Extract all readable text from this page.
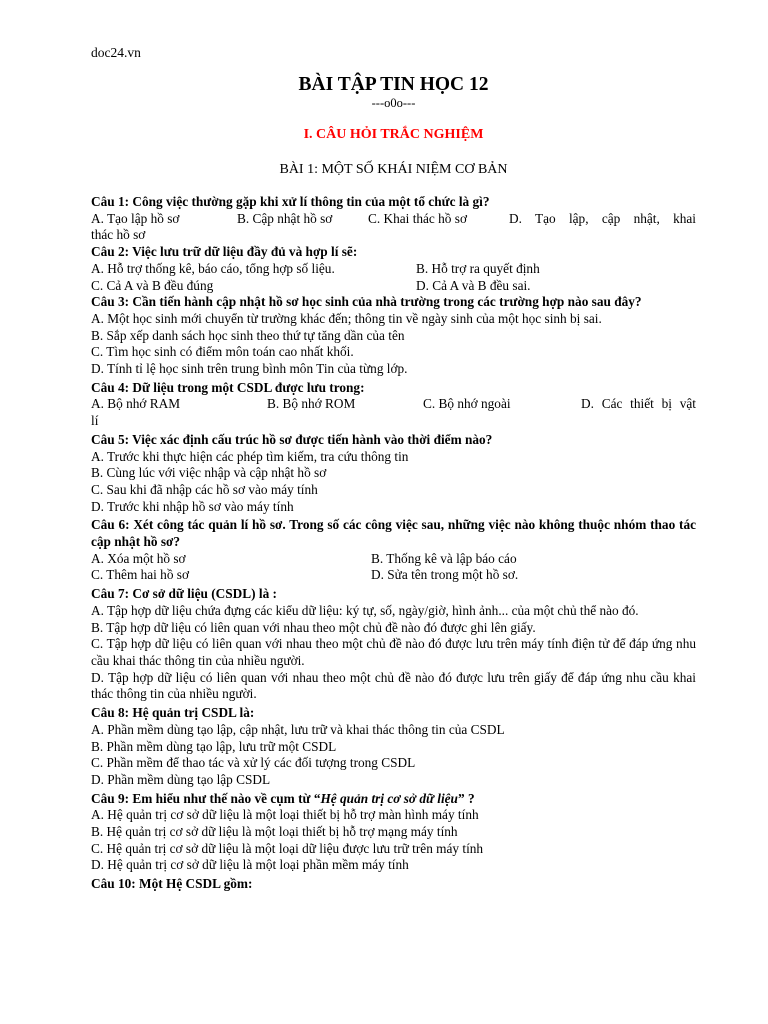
doc24.vn
BÀI TẬP TIN HỌC 12
---o0o---
I. CÂU HỎI TRẮC NGHIỆM
BÀI 1: MỘT SỐ KHÁI NIỆM CƠ BẢN
Câu 1: Công việc thường gặp khi xử lí thông tin của một tổ chức là gì?
A. Tạo lập hồ sơ	B. Cập nhật hồ sơ	C. Khai thác hồ sơ	D. Tạo lập, cập nhật, khai
thác hồ sơ
Câu 2: Việc lưu trữ dữ liệu đầy đủ và hợp lí sẽ:
A. Hỗ trợ thống kê, báo cáo, tổng hợp số liệu.	B. Hỗ trợ ra quyết định
C. Cả A và B đều đúng	D. Cả A và B đều sai.
Câu 3: Cần tiến hành cập nhật hồ sơ học sinh của nhà trường trong các trường hợp nào sau đây?
A. Một học sinh mới chuyển từ trường khác đến; thông tin về ngày sinh của một học sinh bị sai.
B. Sắp xếp danh sách học sinh theo thứ tự tăng dần của tên
C. Tìm học sinh có điểm môn toán cao nhất khối.
D. Tính tỉ lệ học sinh trên trung bình môn Tin của từng lớp.
Câu 4: Dữ liệu trong một CSDL được lưu trong:
A. Bộ nhớ RAM	B. Bộ nhớ ROM	C. Bộ nhớ ngoài	D. Các thiết bị vật
lí
Câu 5: Việc xác định cấu trúc hồ sơ được tiến hành vào thời điểm nào?
A. Trước khi thực hiện các phép tìm kiếm, tra cứu thông tin
B. Cùng lúc với việc nhập và cập nhật hồ sơ
C. Sau khi đã nhập các hồ sơ vào máy tính
D. Trước khi nhập hồ sơ vào máy tính
Câu 6: Xét công tác quản lí hồ sơ. Trong số các công việc sau, những việc nào không thuộc nhóm thao tác cập nhật hồ sơ?
A. Xóa một hồ sơ	B. Thống kê và lập báo cáo
C. Thêm hai hồ sơ	D. Sửa tên trong một hồ sơ.
Câu 7: Cơ sở dữ liệu (CSDL) là :
A. Tập hợp dữ liệu chứa đựng các kiểu dữ liệu: ký tự, số, ngày/giờ, hình ảnh... của một chủ thể nào đó.
B. Tập hợp dữ liệu có liên quan với nhau theo một chủ đề nào đó được ghi lên giấy.
C. Tập hợp dữ liệu có liên quan với nhau theo một chủ đề nào đó được lưu trên máy tính điện tử để đáp ứng nhu cầu khai thác thông tin của nhiều người.
D. Tập hợp dữ liệu có liên quan với nhau theo một chủ đề nào đó được lưu trên giấy để đáp ứng nhu cầu khai thác thông tin của nhiều người.
Câu 8: Hệ quản trị CSDL là:
A. Phần mềm dùng tạo lập, cập nhật, lưu trữ và khai thác thông tin của CSDL
B. Phần mềm dùng tạo lập, lưu trữ một CSDL
C. Phần mềm để thao tác và xử lý các đối tượng trong CSDL
D. Phần mềm dùng tạo lập CSDL
Câu 9: Em hiểu như thế nào về cụm từ “Hệ quản trị cơ sở dữ liệu” ?
A. Hệ quản trị cơ sở dữ liệu là một loại thiết bị hỗ trợ màn hình máy tính
B. Hệ quản trị cơ sở dữ liệu là một loại thiết bị hỗ trợ mạng máy tính
C. Hệ quản trị cơ sở dữ liệu là một loại dữ liệu được lưu trữ trên máy tính
D. Hệ quản trị cơ sở dữ liệu là một loại phần mềm máy tính
Câu 10: Một Hệ CSDL gồm:
